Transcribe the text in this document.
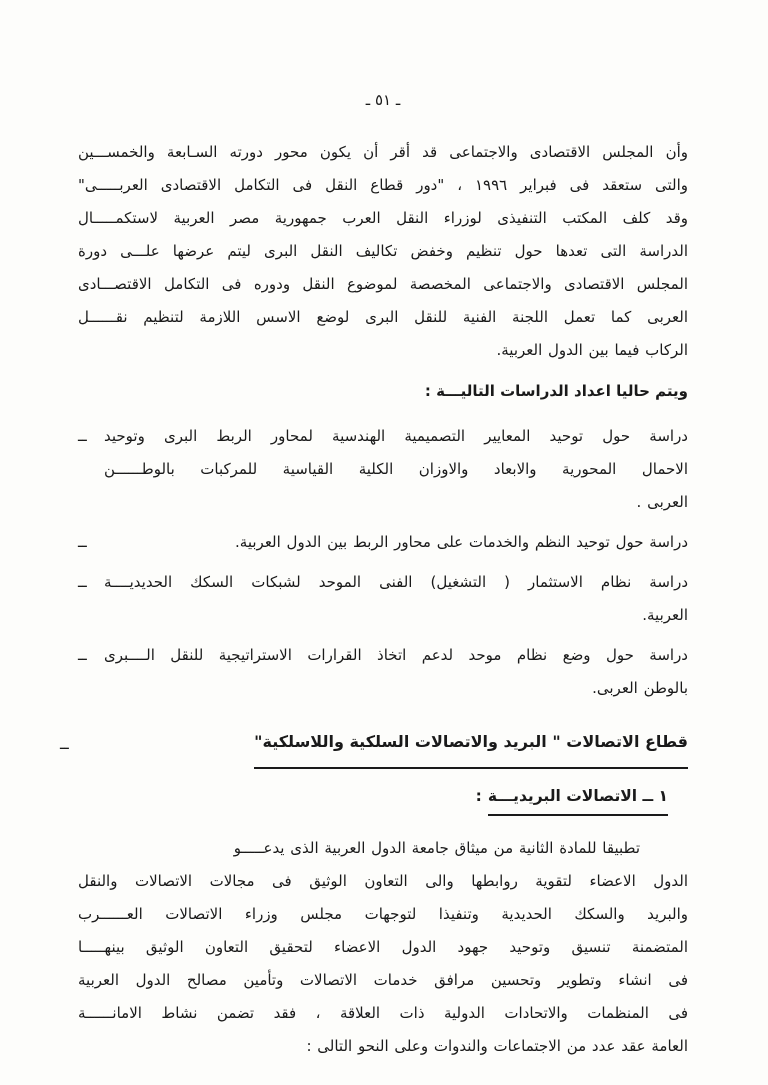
ـ ٥١ ـ
وأن المجلس الاقتصادى والاجتماعى قد أقر أن يكون محور دورته السـابعة والخمســـين
والتى ستعقد فى فبراير ١٩٩٦ ، "دور قطاع النقل فى التكامل الاقتصادى العربـــــى"
وقد كلف المكتب التنفيذى لوزراء النقل العرب جمهورية مصر العربية لاستكمـــــال
الدراسة التى تعدها حول تنظيم وخفض تكاليف النقل البرى ليتم عرضها علـــى دورة
المجلس الاقتصادى والاجتماعى المخصصة لموضوع النقل ودوره فى التكامل الاقتصـــادى
العربى كما تعمل اللجنة الفنية للنقل البرى لوضع الاسس اللازمة لتنظيم نقــــــل
الركاب فيما بين الدول العربية.
ويتم حاليا اعداد الدراسات التاليـــة :
ــ دراسة حول توحيد المعايير التصميمية الهندسية لمحاور الربط البرى وتوحيد
الاحمال المحورية والابعاد والاوزان الكلية القياسية للمركبات بالوطــــــن
العربى .
ــ	دراسة حول توحيد النظم والخدمات على محاور الربط بين الدول العربية.
ــ دراسة نظام الاستثمار ( التشغيل) الفنى الموحد لشبكات السكك الحديديــــة
العربية.
ــ دراسة حول وضع نظام موحد لدعم اتخاذ القرارات الاستراتيجية للنقل الــــبرى
بالوطن العربى.
ــ	قطاع الاتصالات " البريد والاتصالات السلكية واللاسلكية"
١ ــ الاتصالات البريديـــة:
تطبيقا للمادة الثانية من ميثاق جامعة الدول العربية الذى يدعـــــو
الدول الاعضاء لتقوية روابطها والى التعاون الوثيق فى مجالات الاتصالات والنقل
والبريد والسكك الحديدية وتنفيذا لتوجهات مجلس وزراء الاتصالات العــــــرب
المتضمنة تنسيق وتوحيد جهود الدول الاعضاء لتحقيق التعاون الوثيق بينهـــــا
فى انشاء وتطوير وتحسين مرافق خدمات الاتصالات وتأمين مصالح الدول العربية
فى المنظمات والاتحادات الدولية ذات العلاقة ، فقد تضمن نشاط الامانــــــة
العامة عقد عدد من الاجتماعات والندوات وعلى النحو التالى :
